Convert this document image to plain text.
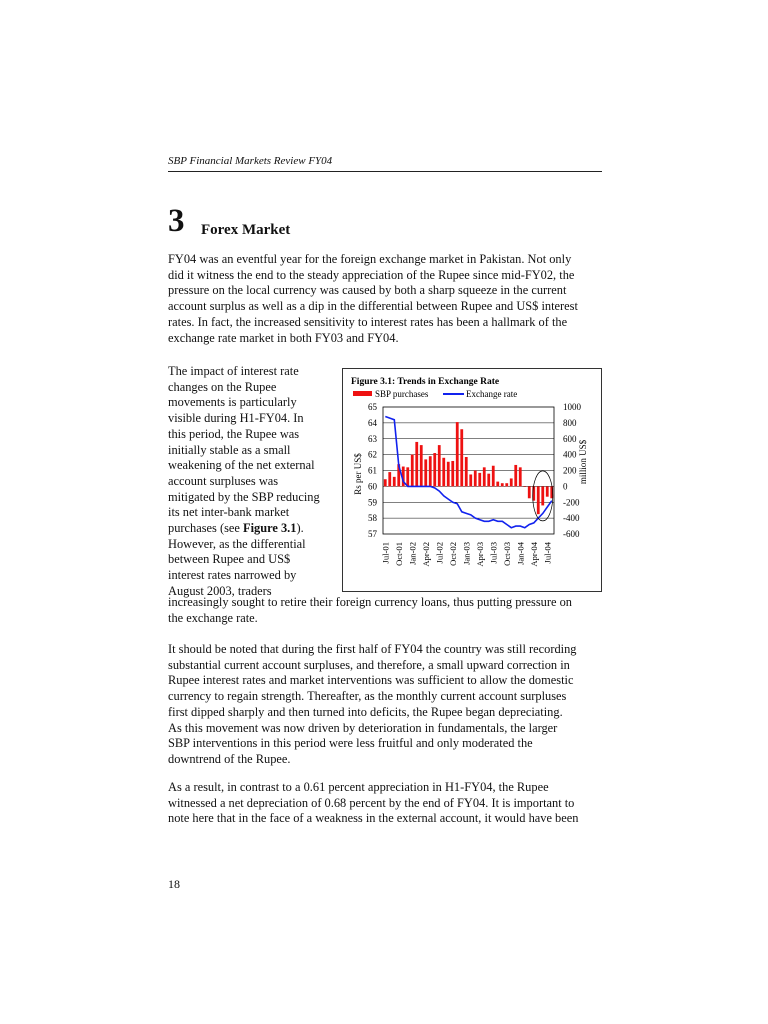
SBP Financial Markets Review FY04
3 Forex Market
FY04 was an eventful year for the foreign exchange market in Pakistan. Not only
did it witness the end to the steady appreciation of the Rupee since mid-FY02, the
pressure on the local currency was caused by both a sharp squeeze in the current
account surplus as well as a dip in the differential between Rupee and US$ interest
rates. In fact, the increased sensitivity to interest rates has been a hallmark of the
exchange rate market in both FY03 and FY04.
The impact of interest rate
changes on the Rupee
movements is particularly
visible during H1-FY04. In
this period, the Rupee was
initially stable as a small
weakening of the net external
account surpluses was
mitigated by the SBP reducing
its net inter-bank market
purchases (see Figure 3.1).
However, as the differential
between Rupee and US$
interest rates narrowed by
August 2003, traders
increasingly sought to retire their foreign currency loans, thus putting pressure on
the exchange rate.
Figure 3.1: Trends in Exchange Rate
SBP purchases	Exchange rate
Rs per US$	million US$
65
64
63
62
61
60
59
58
57
1000
800
600
400
200
0
-200
-400
-600
Jul-01 Oct-01 Jan-02 Apr-02 Jul-02 Oct-02 Jan-03 Apr-03 Jul-03 Oct-03 Jan-04 Apr-04 Jul-04
It should be noted that during the first half of FY04 the country was still recording
substantial current account surpluses, and therefore, a small upward correction in
Rupee interest rates and market interventions was sufficient to allow the domestic
currency to regain strength. Thereafter, as the monthly current account surpluses
first dipped sharply and then turned into deficits, the Rupee began depreciating.
As this movement was now driven by deterioration in fundamentals, the larger
SBP interventions in this period were less fruitful and only moderated the
downtrend of the Rupee.
As a result, in contrast to a 0.61 percent appreciation in H1-FY04, the Rupee
witnessed a net depreciation of 0.68 percent by the end of FY04. It is important to
note here that in the face of a weakness in the external account, it would have been
18
